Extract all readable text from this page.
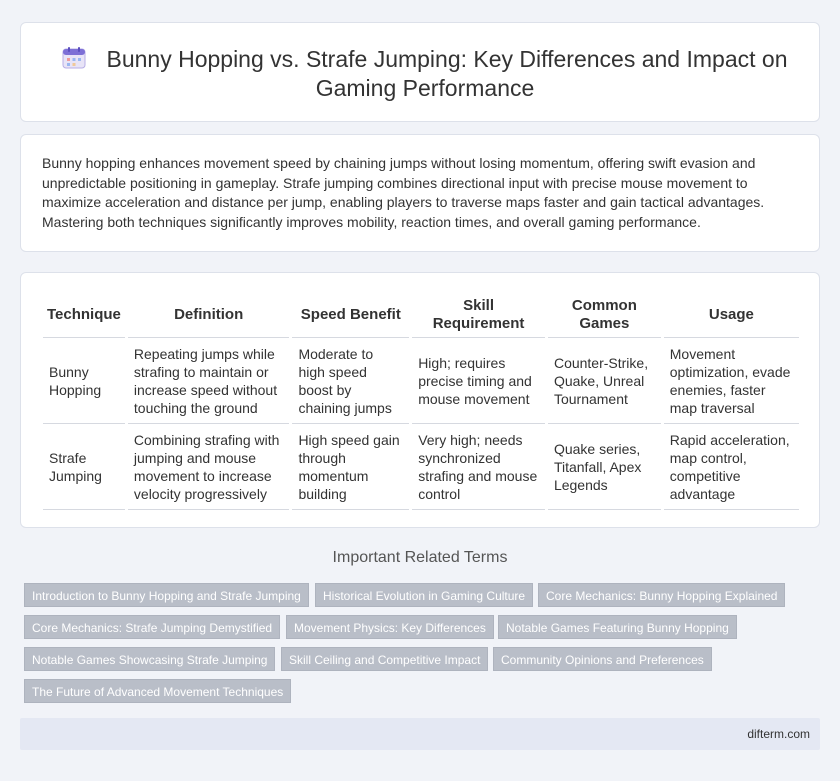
Bunny Hopping vs. Strafe Jumping: Key Differences and Impact on Gaming Performance

Bunny hopping enhances movement speed by chaining jumps without losing momentum, offering swift evasion and unpredictable positioning in gameplay. Strafe jumping combines directional input with precise mouse movement to maximize acceleration and distance per jump, enabling players to traverse maps faster and gain tactical advantages. Mastering both techniques significantly improves mobility, reaction times, and overall gaming performance.

Technique	Definition	Speed Benefit	Skill Requirement	Common Games	Usage
Bunny Hopping	Repeating jumps while strafing to maintain or increase speed without touching the ground	Moderate to high speed boost by chaining jumps	High; requires precise timing and mouse movement	Counter-Strike, Quake, Unreal Tournament	Movement optimization, evade enemies, faster map traversal
Strafe Jumping	Combining strafing with jumping and mouse movement to increase velocity progressively	High speed gain through momentum building	Very high; needs synchronized strafing and mouse control	Quake series, Titanfall, Apex Legends	Rapid acceleration, map control, competitive advantage
Important Related Terms
Introduction to Bunny Hopping and Strafe Jumping	Historical Evolution in Gaming Culture	Core Mechanics: Bunny Hopping Explained
Core Mechanics: Strafe Jumping Demystified	Movement Physics: Key Differences	Notable Games Featuring Bunny Hopping
Notable Games Showcasing Strafe Jumping	Skill Ceiling and Competitive Impact	Community Opinions and Preferences
The Future of Advanced Movement Techniques
difterm.com
